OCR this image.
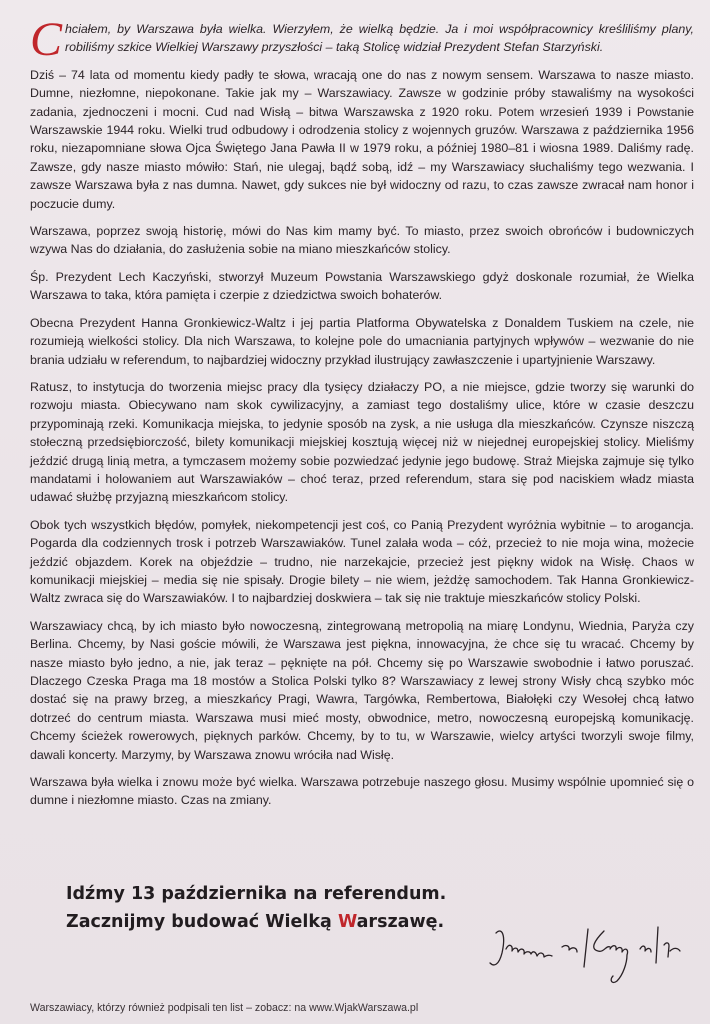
Chciałem, by Warszawa była wielka. Wierzyłem, że wielką będzie. Ja i moi współpracownicy kreśliliśmy plany, robiliśmy szkice Wielkiej Warszawy przyszłości – taką Stolicę widział Prezydent Stefan Starzyński.

Dziś – 74 lata od momentu kiedy padły te słowa, wracają one do nas z nowym sensem. Warszawa to nasze miasto. Dumne, niezłomne, niepokonane. Takie jak my – Warszawiacy. Zawsze w godzinie próby stawaliśmy na wysokości zadania, zjednoczeni i mocni. Cud nad Wisłą – bitwa Warszawska z 1920 roku. Potem wrzesień 1939 i Powstanie Warszawskie 1944 roku. Wielki trud odbudowy i odrodzenia stolicy z wojennych gruzów. Warszawa z października 1956 roku, niezapomniane słowa Ojca Świętego Jana Pawła II w 1979 roku, a później 1980–81 i wiosna 1989. Daliśmy radę. Zawsze, gdy nasze miasto mówiło: Stań, nie ulegaj, bądź sobą, idź – my Warszawiacy słuchaliśmy tego wezwania. I zawsze Warszawa była z nas dumna. Nawet, gdy sukces nie był widoczny od razu, to czas zawsze zwracał nam honor i poczucie dumy.

Warszawa, poprzez swoją historię, mówi do Nas kim mamy być. To miasto, przez swoich obrońców i budowniczych wzywa Nas do działania, do zasłużenia sobie na miano mieszkańców stolicy.

Śp. Prezydent Lech Kaczyński, stworzył Muzeum Powstania Warszawskiego gdyż doskonale rozumiał, że Wielka Warszawa to taka, która pamięta i czerpie z dziedzictwa swoich bohaterów.

Obecna Prezydent Hanna Gronkiewicz-Waltz i jej partia Platforma Obywatelska z Donaldem Tuskiem na czele, nie rozumieją wielkości stolicy. Dla nich Warszawa, to kolejne pole do umacniania partyjnych wpływów – wezwanie do nie brania udziału w referendum, to najbardziej widoczny przykład ilustrujący zawłaszczenie i upartyjnienie Warszawy.

Ratusz, to instytucja do tworzenia miejsc pracy dla tysięcy działaczy PO, a nie miejsce, gdzie tworzy się warunki do rozwoju miasta. Obiecywano nam skok cywilizacyjny, a zamiast tego dostaliśmy ulice, które w czasie deszczu przypominają rzeki. Komunikacja miejska, to jedynie sposób na zysk, a nie usługa dla mieszkańców. Czynsze niszczą stołeczną przedsiębiorczość, bilety komunikacji miejskiej kosztują więcej niż w niejednej europejskiej stolicy. Mieliśmy jeździć drugą linią metra, a tymczasem możemy sobie pozwiedzać jedynie jego budowę. Straż Miejska zajmuje się tylko mandatami i holowaniem aut Warszawiaków – choć teraz, przed referendum, stara się pod naciskiem władz miasta udawać służbę przyjazną mieszkańcom stolicy.

Obok tych wszystkich błędów, pomyłek, niekompetencji jest coś, co Panią Prezydent wyróżnia wybitnie – to arogancja. Pogarda dla codziennych trosk i potrzeb Warszawiaków. Tunel zalała woda – cóż, przecież to nie moja wina, możecie jeździć objazdem. Korek na objeździe – trudno, nie narzekajcie, przecież jest piękny widok na Wisłę. Chaos w komunikacji miejskiej – media się nie spisały. Drogie bilety – nie wiem, jeżdżę samochodem. Tak Hanna Gronkiewicz-Waltz zwraca się do Warszawiaków. I to najbardziej doskwiera – tak się nie traktuje mieszkańców stolicy Polski.

Warszawiacy chcą, by ich miasto było nowoczesną, zintegrowaną metropolią na miarę Londynu, Wiednia, Paryża czy Berlina. Chcemy, by Nasi goście mówili, że Warszawa jest piękna, innowacyjna, że chce się tu wracać. Chcemy by nasze miasto było jedno, a nie, jak teraz – pęknięte na pół. Chcemy się po Warszawie swobodnie i łatwo poruszać. Dlaczego Czeska Praga ma 18 mostów a Stolica Polski tylko 8? Warszawiacy z lewej strony Wisły chcą szybko móc dostać się na prawy brzeg, a mieszkańcy Pragi, Wawra, Targówka, Rembertowa, Białołęki czy Wesołej chcą łatwo dotrzeć do centrum miasta. Warszawa musi mieć mosty, obwodnice, metro, nowoczesną europejską komunikację. Chcemy ścieżek rowerowych, pięknych parków. Chcemy, by to tu, w Warszawie, wielcy artyści tworzyli swoje filmy, dawali koncerty. Marzymy, by Warszawa znowu wróciła nad Wisłę.

Warszawa była wielka i znowu może być wielka. Warszawa potrzebuje naszego głosu. Musimy wspólnie upomnieć się o dumne i niezłomne miasto. Czas na zmiany.

Idźmy 13 października na referendum.
Zacznijmy budować Wielką Warszawę.
Warszawiacy, którzy również podpisali ten list – zobacz: na www.WjakWarszawa.pl
